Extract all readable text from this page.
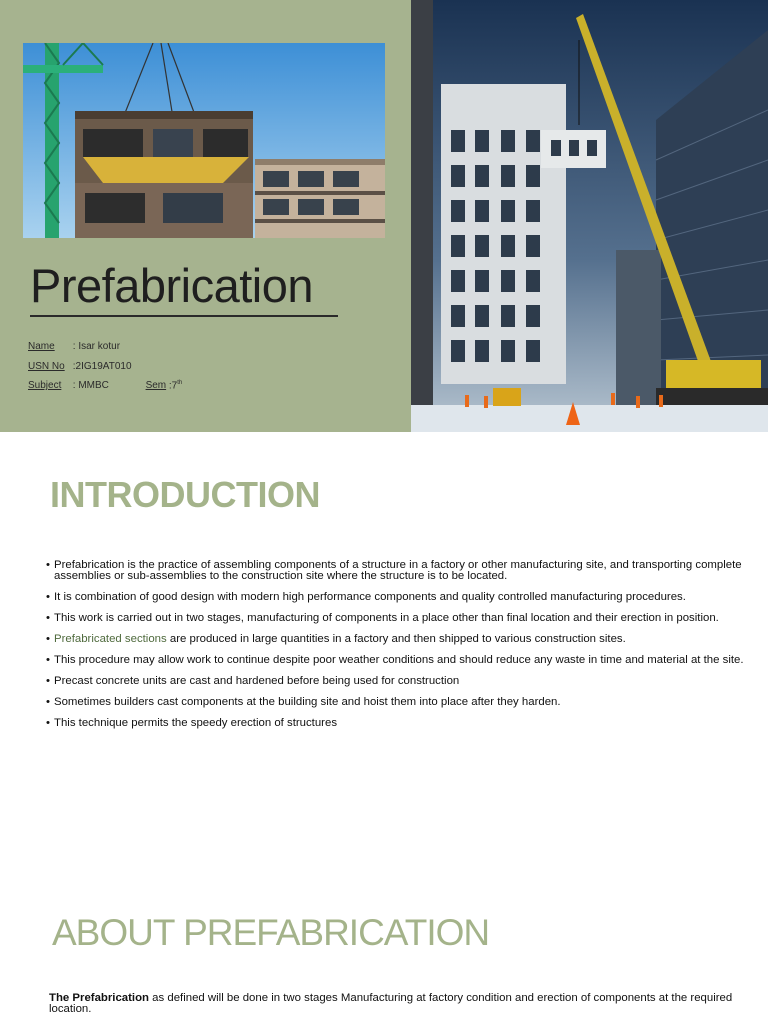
Prefabrication
Name : Isar kotur
USN No :2IG19AT010
Subject : MMBC	Sem :7th
INTRODUCTION
• Prefabrication is the practice of assembling components of a structure in a factory or other manufacturing site, and transporting complete assemblies or sub-assemblies to the construction site where the structure is to be located.
• It is combination of good design with modern high performance components and quality controlled manufacturing procedures.
• This work is carried out in two stages, manufacturing of components in a place other than final location and their erection in position.
• Prefabricated sections are produced in large quantities in a factory and then shipped to various construction sites.
• This procedure may allow work to continue despite poor weather conditions and should reduce any waste in time and material at the site.
• Precast concrete units are cast and hardened before being used for construction
• Sometimes builders cast components at the building site and hoist them into place after they harden.
• This technique permits the speedy erection of structures
ABOUT PREFABRICATION

The Prefabrication as defined will be done in two stages Manufacturing at factory condition and erection of components at the required location.
